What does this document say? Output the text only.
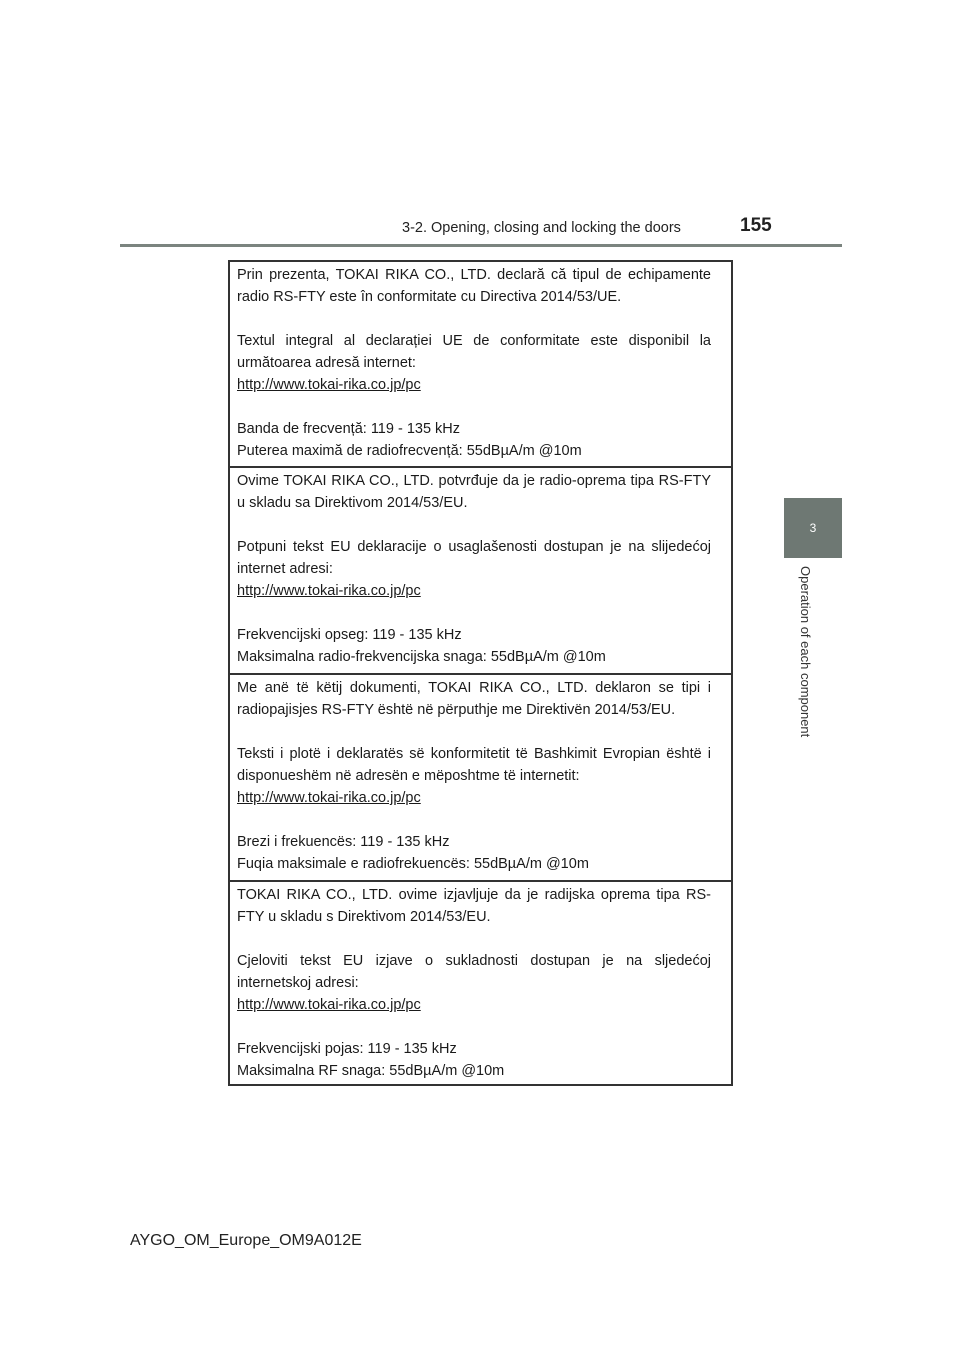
3-2. Opening, closing and locking the doors	155
3
Operation of each component

Prin prezenta, TOKAI RIKA CO., LTD. declară că tipul de echipamente radio RS-FTY este în conformitate cu Directiva 2014/53/UE.

Textul integral al declarației UE de conformitate este disponibil la următoarea adresă internet:

http://www.tokai-rika.co.jp/pc

Banda de frecvență: 119 - 135 kHz

Puterea maximă de radiofrecvență: 55dBµA/m @10m

Ovime TOKAI RIKA CO., LTD. potvrđuje da je radio-oprema tipa RS-FTY u skladu sa Direktivom 2014/53/EU.

Potpuni tekst EU deklaracije o usaglašenosti dostupan je na slijedećoj internet adresi:

http://www.tokai-rika.co.jp/pc

Frekvencijski opseg: 119 - 135 kHz

Maksimalna radio-frekvencijska snaga: 55dBµA/m @10m

Me anë të këtij dokumenti, TOKAI RIKA CO., LTD. deklaron se tipi i radiopajisjes RS-FTY është në përputhje me Direktivën 2014/53/EU.

Teksti i plotë i deklaratës së konformitetit të Bashkimit Evropian është i disponueshëm në adresën e mëposhtme të internetit:

http://www.tokai-rika.co.jp/pc

Brezi i frekuencës: 119 - 135 kHz

Fuqia maksimale e radiofrekuencës: 55dBµA/m @10m

TOKAI RIKA CO., LTD. ovime izjavljuje da je radijska oprema tipa RS-FTY u skladu s Direktivom 2014/53/EU.

Cjeloviti tekst EU izjave o sukladnosti dostupan je na sljedećoj internetskoj adresi:

http://www.tokai-rika.co.jp/pc

Frekvencijski pojas: 119 - 135 kHz

Maksimalna RF snaga: 55dBµA/m @10m

AYGO_OM_Europe_OM9A012E
